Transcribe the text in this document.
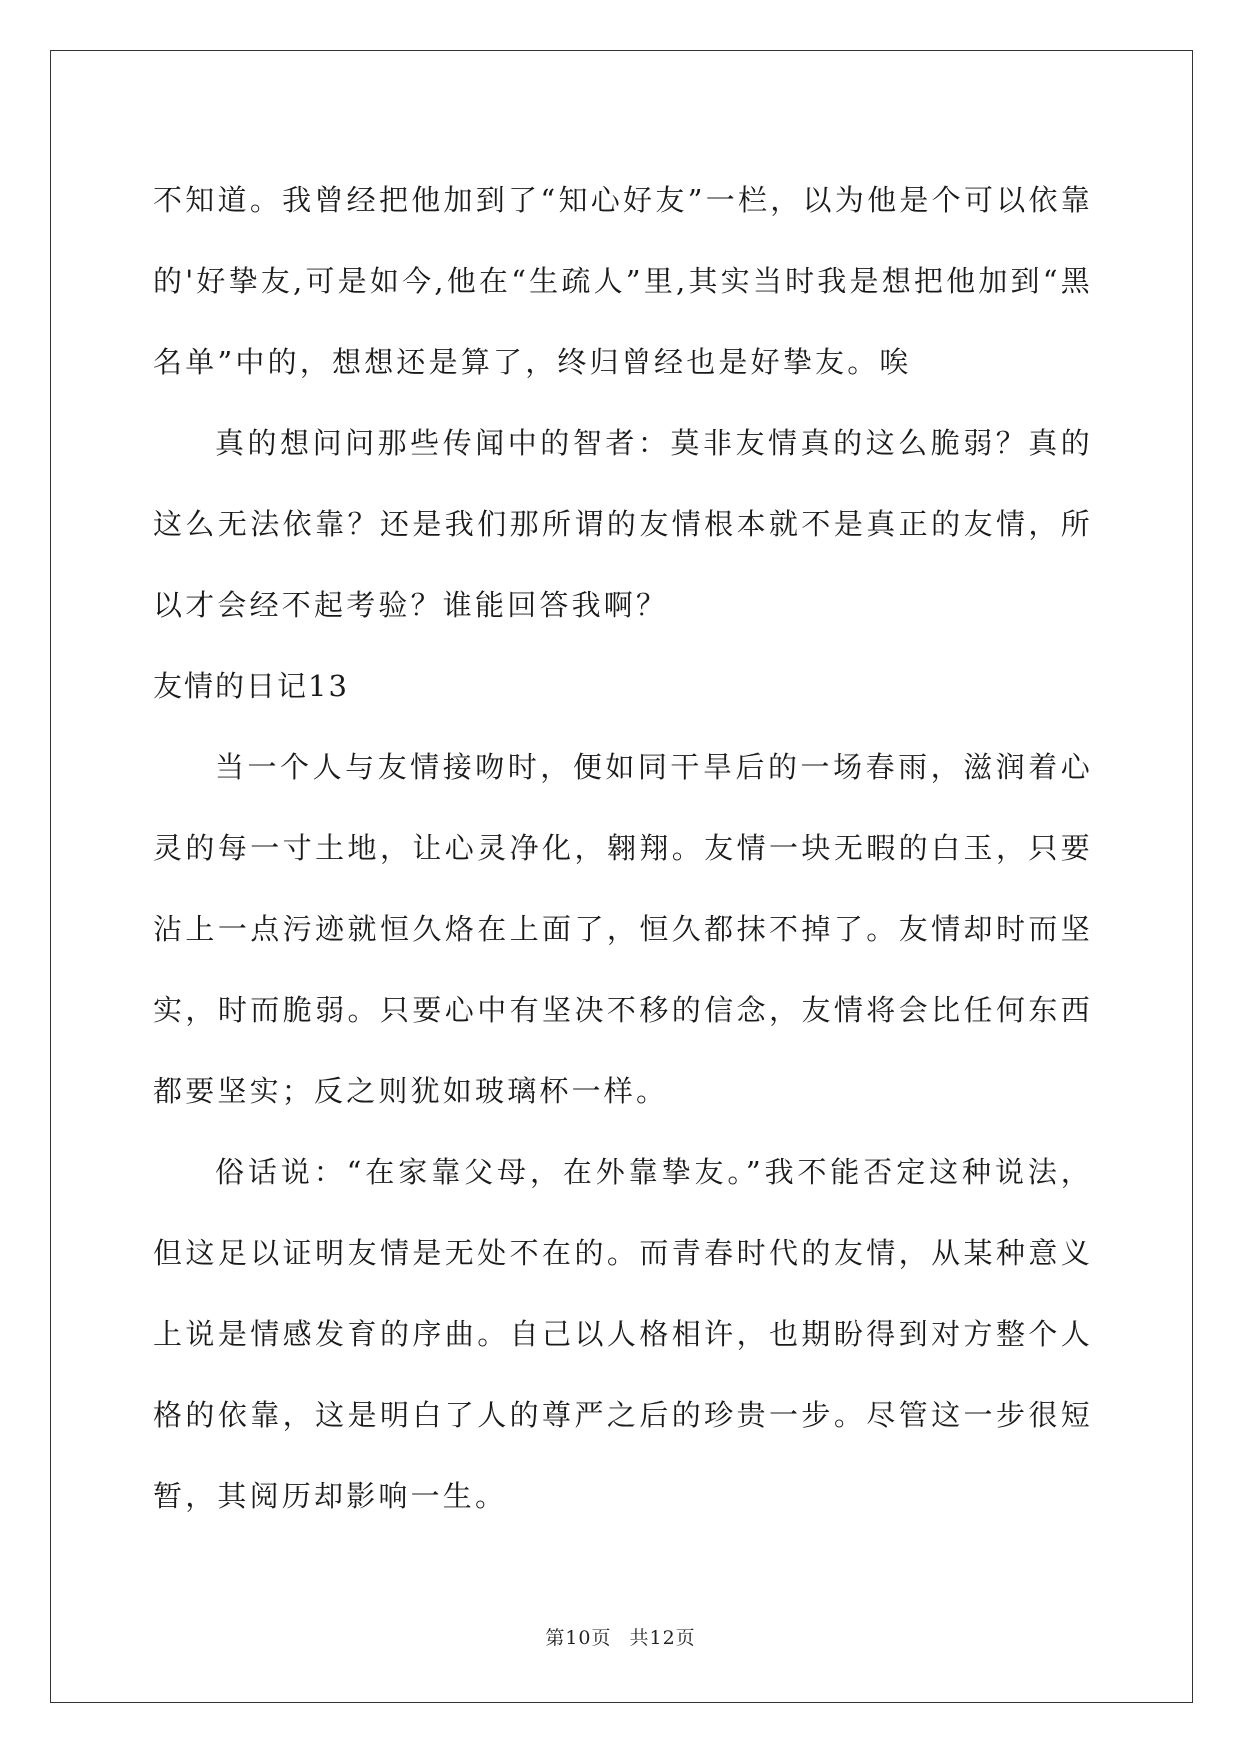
不知道。我曾经把他加到了“知心好友”一栏，以为他是个可以依靠的'好挚友,可是如今,他在“生疏人”里,其实当时我是想把他加到“黑名单”中的，想想还是算了，终归曾经也是好挚友。唉

真的想问问那些传闻中的智者：莫非友情真的这么脆弱？真的这么无法依靠？还是我们那所谓的友情根本就不是真正的友情，所以才会经不起考验？谁能回答我啊？

友情的日记13

当一个人与友情接吻时，便如同干旱后的一场春雨，滋润着心灵的每一寸土地，让心灵净化，翱翔。友情一块无暇的白玉，只要沾上一点污迹就恒久烙在上面了，恒久都抹不掉了。友情却时而坚实，时而脆弱。只要心中有坚决不移的信念，友情将会比任何东西都要坚实；反之则犹如玻璃杯一样。

俗话说：“在家靠父母，在外靠挚友。”我不能否定这种说法，但这足以证明友情是无处不在的。而青春时代的友情，从某种意义上说是情感发育的序曲。自己以人格相许，也期盼得到对方整个人格的依靠，这是明白了人的尊严之后的珍贵一步。尽管这一步很短暂，其阅历却影响一生。

第10页 共12页
